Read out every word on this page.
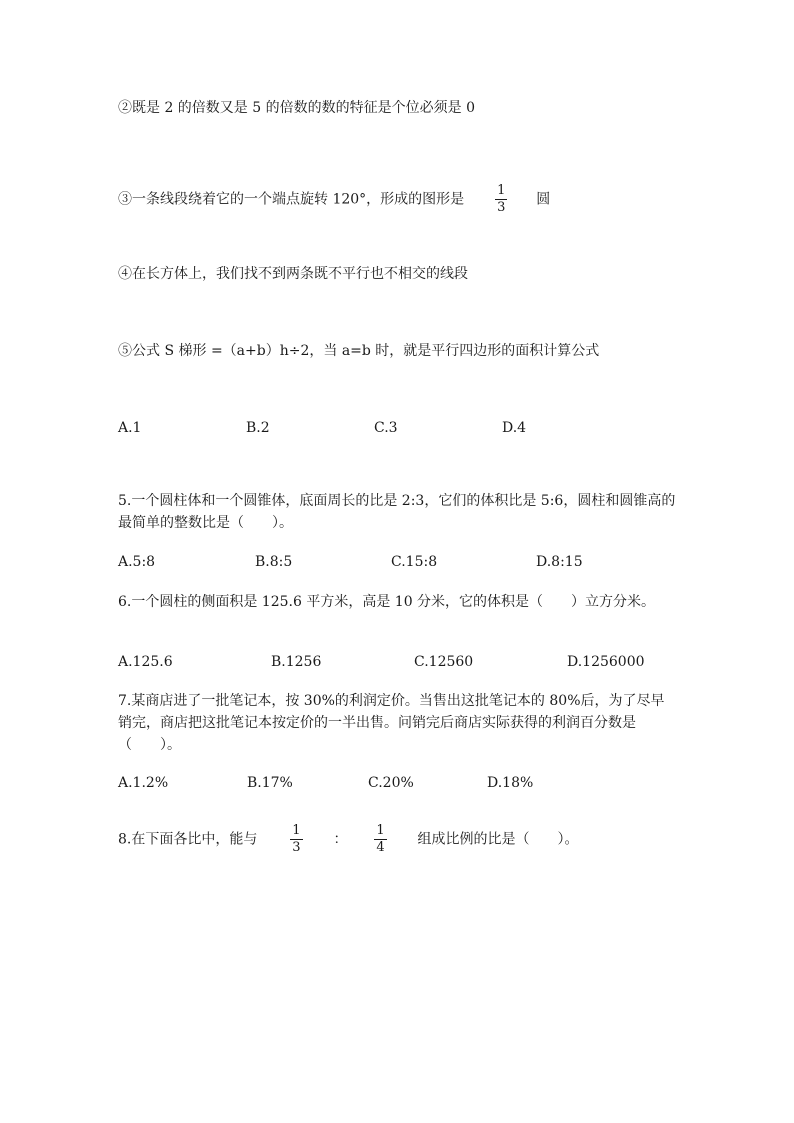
②既是 2 的倍数又是 5 的倍数的数的特征是个位必须是 0
③一条线段绕着它的一个端点旋转 120°，形成的图形是 $\frac{1}{3}$ 圆
④在长方体上，我们找不到两条既不平行也不相交的线段
⑤公式 S 梯形 =（a+b）h÷2，当 a=b 时，就是平行四边形的面积计算公式
A.1	B.2	C.3	D.4
5.一个圆柱体和一个圆锥体，底面周长的比是 2:3，它们的体积比是 5:6，圆柱和圆锥高的最简单的整数比是（　　）。
A.5:8	B.8:5	C.15:8	D.8:15
6.一个圆柱的侧面积是 125.6 平方米，高是 10 分米，它的体积是（　　）立方分米。
A.125.6	B.1256	C.12560	D.1256000
7.某商店进了一批笔记本，按 30%的利润定价。当售出这批笔记本的 80%后，为了尽早销完，商店把这批笔记本按定价的一半出售。问销完后商店实际获得的利润百分数是（　　）。
A.1.2%	B.17%	C.20%	D.18%
8.在下面各比中，能与	$\frac{1}{3}$ ： $\frac{1}{4}$ 组成比例的比是（　　）。
